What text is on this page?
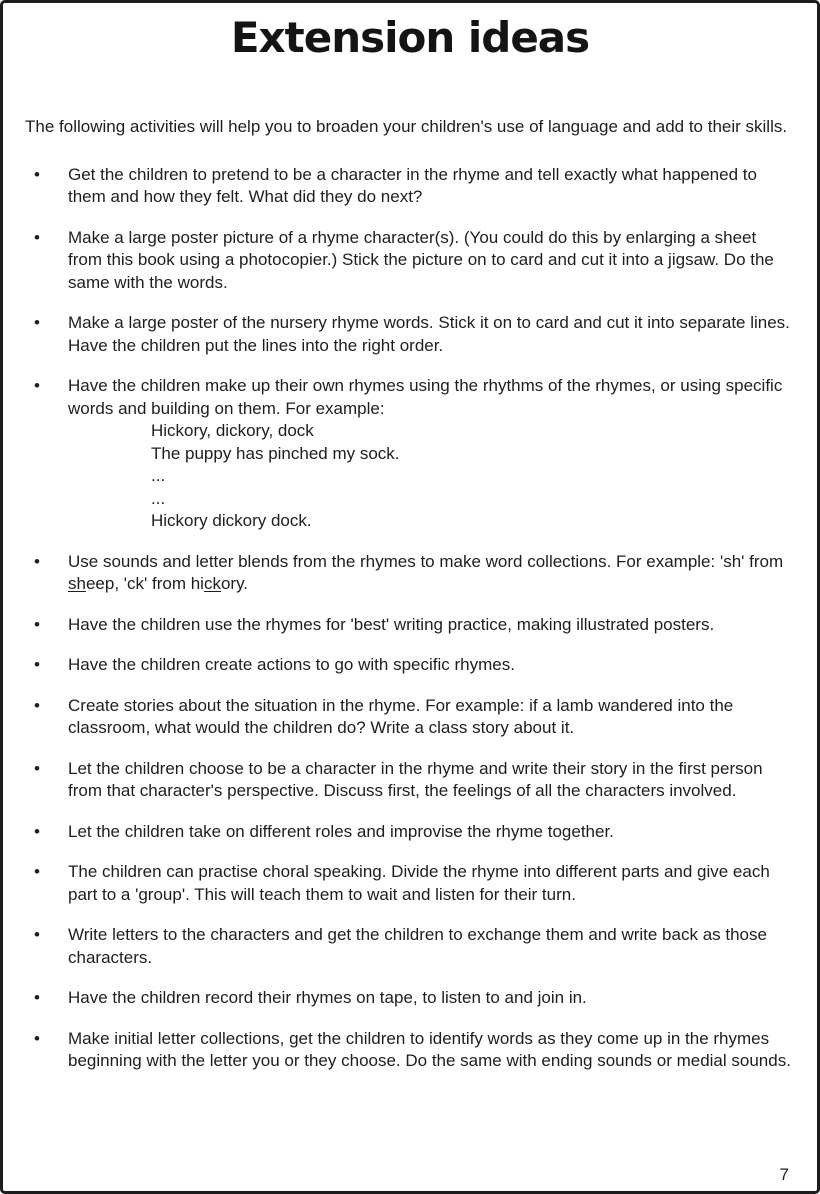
Extension ideas

The following activities will help you to broaden your children's use of language and add to their skills.

•	Get the children to pretend to be a character in the rhyme and tell exactly what happened to them and how they felt. What did they do next?
•	Make a large poster picture of a rhyme character(s). (You could do this by enlarging a sheet from this book using a photocopier.) Stick the picture on to card and cut it into a jigsaw. Do the same with the words.
•	Make a large poster of the nursery rhyme words. Stick it on to card and cut it into separate lines. Have the children put the lines into the right order.
•	Have the children make up their own rhymes using the rhythms of the rhymes, or using specific words and building on them. For example:
Hickory, dickory, dock
The puppy has pinched my sock.
...
...
Hickory dickory dock.
•	Use sounds and letter blends from the rhymes to make word collections. For example: 'sh' from sheep, 'ck' from hickory.
•	Have the children use the rhymes for 'best' writing practice, making illustrated posters.
•	Have the children create actions to go with specific rhymes.
•	Create stories about the situation in the rhyme. For example: if a lamb wandered into the classroom, what would the children do? Write a class story about it.
•	Let the children choose to be a character in the rhyme and write their story in the first person from that character's perspective. Discuss first, the feelings of all the characters involved.
•	Let the children take on different roles and improvise the rhyme together.
•	The children can practise choral speaking. Divide the rhyme into different parts and give each part to a 'group'. This will teach them to wait and listen for their turn.
•	Write letters to the characters and get the children to exchange them and write back as those characters.
•	Have the children record their rhymes on tape, to listen to and join in.
•	Make initial letter collections, get the children to identify words as they come up in the rhymes beginning with the letter you or they choose. Do the same with ending sounds or medial sounds.
7
